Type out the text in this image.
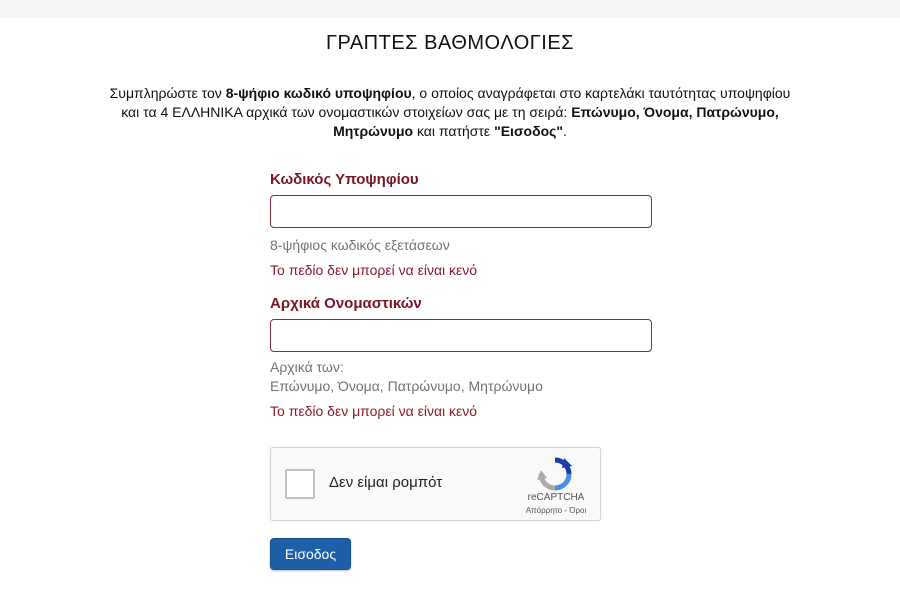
ΓΡΑΠΤΕΣ ΒΑΘΜΟΛΟΓΙΕΣ
Συμπληρώστε τον 8-ψήφιο κωδικό υποψηφίου, ο οποίος αναγράφεται στο καρτελάκι ταυτότητας υποψηφίου και τα 4 ΕΛΛΗΝΙΚΑ αρχικά των ονομαστικών στοιχείων σας με τη σειρά: Επώνυμο, Όνομα, Πατρώνυμο, Μητρώνυμο και πατήστε "Εισοδος".
Κωδικός Υποψηφίου
8-ψήφιος κωδικός εξετάσεων
Το πεδίο δεν μπορεί να είναι κενό
Αρχικά Ονομαστικών
Αρχικά των:
Επώνυμο, Όνομα, Πατρώνυμο, Μητρώνυμο
Το πεδίο δεν μπορεί να είναι κενό
Δεν είμαι ρομπότ
reCAPTCHA
Απόρρητο - Όροι
Εισοδος
